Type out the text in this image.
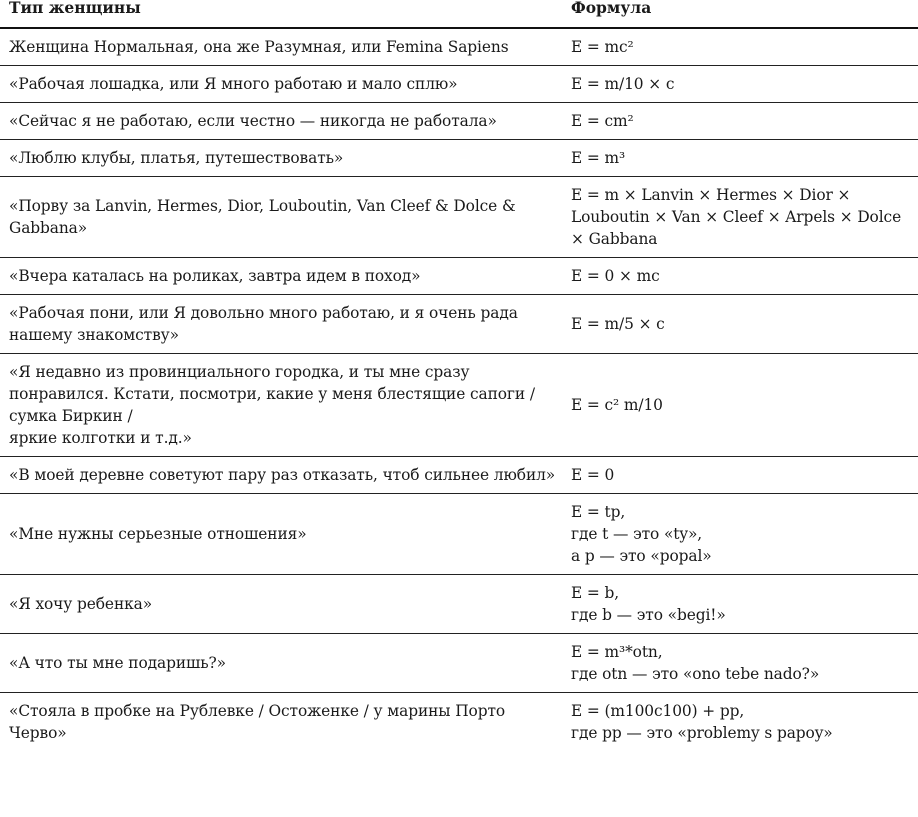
Тип женщины	Формула
Женщина Нормальная, она же Разумная, или Femina Sapiens	E = mc²
«Рабочая лошадка, или Я много работаю и мало сплю»	E = m/10 × c
«Сейчас я не работаю, если честно — никогда не работала»	E = cm²
«Люблю клубы, платья, путешествовать»	E = m³
«Порву за Lanvin, Hermes, Dior, Louboutin, Van Cleef & Dolce & Gabbana»	E = m × Lanvin × Hermes × Dior × Louboutin × Van × Cleef × Arpels × Dolce × Gabbana
«Вчера каталась на роликах, завтра идем в поход»	E = 0 × mc
«Рабочая пони, или Я довольно много работаю, и я очень рада нашему знакомству»	E = m/5 × c
«Я недавно из провинциального городка, и ты мне сразу понравился. Кстати, посмотри, какие у меня блестящие сапоги / сумка Биркин /
яркие колготки и т.д.»	E = c² m/10
«В моей деревне советуют пару раз отказать, чтоб сильнее любил»	E = 0
«Мне нужны серьезные отношения»	E = tp,
где t — это «ty»,
а p — это «popal»
«Я хочу ребенка»	E = b,
где b — это «begi!»
«А что ты мне подаришь?»	E = m³*otn,
где otn — это «ono tebe nado?»
«Стояла в пробке на Рублевке / Остоженке / у марины Порто Черво»	E = (m100c100) + pp,
где pp — это «problemy s papoy»
